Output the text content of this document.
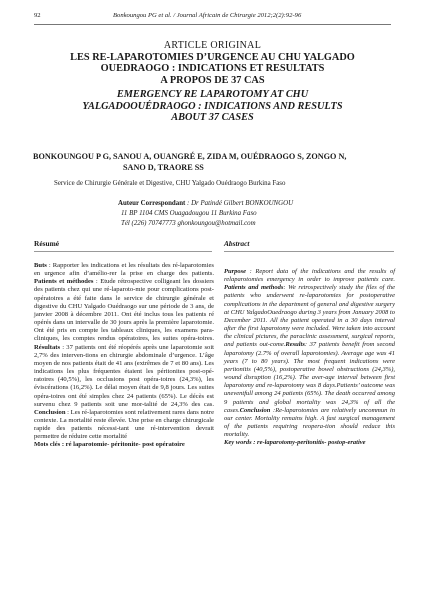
92	Bonkoungou PG et al. / Journal Africain de Chirurgie 2012;2(2):92-96
ARTICLE ORIGINAL
LES RE-LAPAROTOMIES D’URGENCE AU CHU YALGADO
OUEDRAOGO : INDICATIONS ET RESULTATS
A PROPOS DE 37 CAS
EMERGENCY RE LAPAROTOMY AT CHU
YALGADOOUÉDRAOGO : INDICATIONS AND RESULTS
ABOUT 37 CASES
BONKOUNGOU P G, SANOU A, OUANGRÉ E, ZIDA M, OUÉDRAOGO S, ZONGO N,
SANO D, TRAORE SS
Service de Chirurgie Générale et Digestive, CHU Yalgado Ouédraogo Burkina Faso
Auteur Correspondant : Dr Patindé Gilbert BONKOUNGOU
11 BP 1104 CMS Ouagadougou 11 Burkina Faso
Tél (226) 70747773 ghonkoungou@hotmail.com
Résumé	Abstract
Buts : Rapporter les indications et les résultats des ré-laparotomies en urgence afin d’amélio-rer la prise en charge des patients. Patients et méthodes : Etude rétrospective colligeant les dossiers des patients chez qui une ré-laparoto-mie pour complications post-opératoires a été faite dans le service de chirurgie générale et digestive du CHU Yalgado Ouédraogo sur une période de 3 ans, de janvier 2008 à décembre 2011. Ont été inclus tous les patients ré opérés dans un intervalle de 30 jours après la première laparotomie. Ont été pris en compte les tableaux cliniques, les examens para-cliniques, les comptes rendus opératoires, les suites opéra-toires. Résultats : 37 patients ont été réopérés après une laparotomie soit 2,7% des interven-tions en chirurgie abdominale d’urgence. L’âge moyen de nos patients était de 41 ans (extrêmes de 7 et 80 ans). Les indications les plus fréquentes étaient les péritonites post-opé-ratoires (40,5%), les occlusions post opéra-toires (24,3%), les éviscérations (16,2%). Le délai moyen était de 9,8 jours. Les suites opéra-toires ont été simples chez 24 patients (65%). Le décès est survenu chez 9 patients soit une mor-talité de 24,3% des cas. Conclusion : Les ré-laparotomies sont relativement rares dans notre contexte. La mortalité reste élevée. Une prise en charge chirurgicale rapide des patients nécessi-tant une ré-intervention devrait permettre de réduire cette mortalité
Mots clés : ré laparotomie- péritonite- post opératoire
Purpose : Report data of the indications and the results of relaparotomies emergency in order to improve patients care. Patients and methods: We retrospectively study the files of the patients who underwent re-laparotomies for postoperative complications in the department of general and digestive surgery at CHU YalgadoOuedraogo during 3 years from January 2008 to December 2011. All the patient operated in a 30 days interval after the first laparotomy were included. Were taken into account the clinical pictures, the paraclinic assessment, surgical reports, and patients out-come.Results: 37 patients benefit from second laparotomy (2.7% of overall laparotomies). Average age was 41 years (7 to 80 years). The most frequent indications were peritonitis (40,5%), postoperative bowel obstructions (24,3%), wound disruption (16,2%). The aver-age interval between first laparotomy and re-laparotomy was 8 days.Patients’ outcome was uneventfull among 24 patients (65%). The death occurred among 9 patients and global mortality was 24,3% of all the cases.Conclusion :Re-laparotomies are relatively uncommun in our center. Mortality remains high. A fast surgical management of the patients requiring reopera-tion should reduce this mortality.
Key words : re-laparotomy-peritonitis- postop-erative
